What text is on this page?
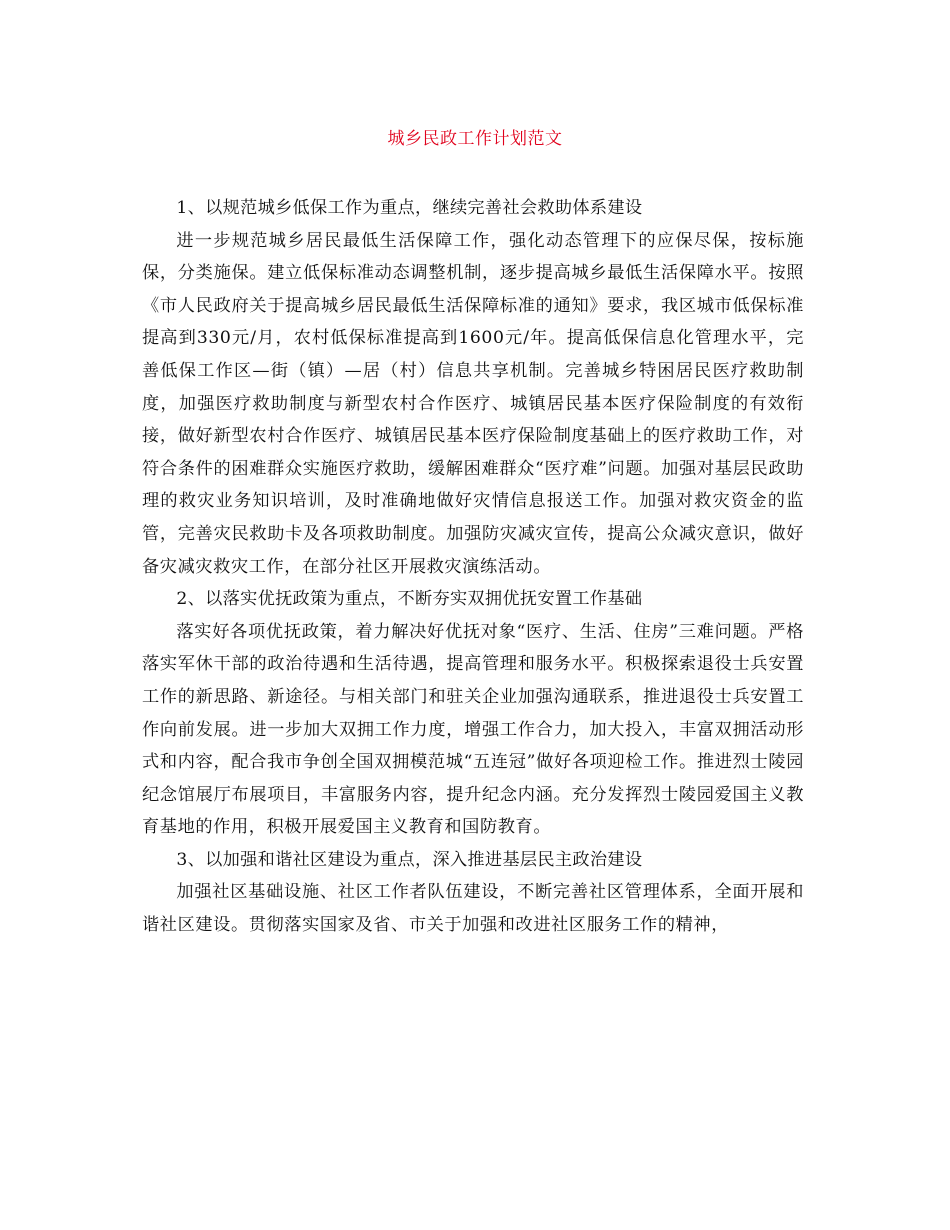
城乡民政工作计划范文

1、以规范城乡低保工作为重点，继续完善社会救助体系建设

进一步规范城乡居民最低生活保障工作，强化动态管理下的应保尽保，按标施保，分类施保。建立低保标准动态调整机制，逐步提高城乡最低生活保障水平。按照《市人民政府关于提高城乡居民最低生活保障标准的通知》要求，我区城市低保标准提高到330元/月，农村低保标准提高到1600元/年。提高低保信息化管理水平，完善低保工作区—街（镇）—居（村）信息共享机制。完善城乡特困居民医疗救助制度，加强医疗救助制度与新型农村合作医疗、城镇居民基本医疗保险制度的有效衔接，做好新型农村合作医疗、城镇居民基本医疗保险制度基础上的医疗救助工作，对符合条件的困难群众实施医疗救助，缓解困难群众“医疗难”问题。加强对基层民政助理的救灾业务知识培训，及时准确地做好灾情信息报送工作。加强对救灾资金的监管，完善灾民救助卡及各项救助制度。加强防灾减灾宣传，提高公众减灾意识，做好备灾减灾救灾工作，在部分社区开展救灾演练活动。

2、以落实优抚政策为重点，不断夯实双拥优抚安置工作基础

落实好各项优抚政策，着力解决好优抚对象“医疗、生活、住房”三难问题。严格落实军休干部的政治待遇和生活待遇，提高管理和服务水平。积极探索退役士兵安置工作的新思路、新途径。与相关部门和驻关企业加强沟通联系，推进退役士兵安置工作向前发展。进一步加大双拥工作力度，增强工作合力，加大投入，丰富双拥活动形式和内容，配合我市争创全国双拥模范城“五连冠”做好各项迎检工作。推进烈士陵园纪念馆展厅布展项目，丰富服务内容，提升纪念内涵。充分发挥烈士陵园爱国主义教育基地的作用，积极开展爱国主义教育和国防教育。

3、以加强和谐社区建设为重点，深入推进基层民主政治建设

加强社区基础设施、社区工作者队伍建设，不断完善社区管理体系，全面开展和谐社区建设。贯彻落实国家及省、市关于加强和改进社区服务工作的精神，
